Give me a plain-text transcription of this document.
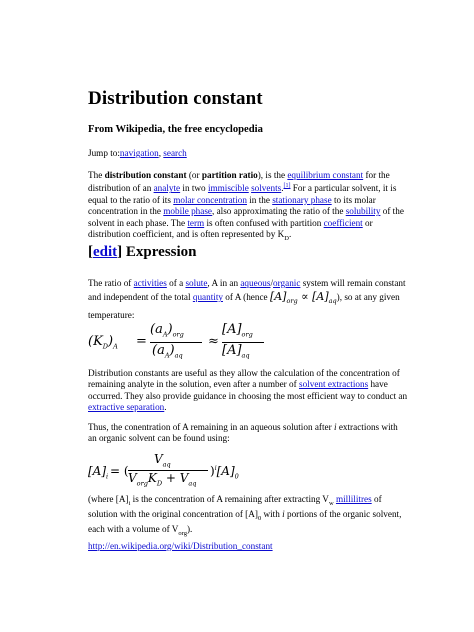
Distribution constant
From Wikipedia, the free encyclopedia
Jump to:navigation, search
The distribution constant (or partition ratio), is the equilibrium constant for the distribution of an analyte in two immiscible solvents.[1] For a particular solvent, it is equal to the ratio of its molar concentration in the stationary phase to its molar concentration in the mobile phase, also approximating the ratio of the solubility of the solvent in each phase. The term is often confused with partition coefficient or distribution coefficient, and is often represented by $K_D$.
[edit] Expression
The ratio of activities of a solute, A in an aqueous/organic system will remain constant and independent of the total quantity of A (hence $[A]_{org} \propto [A]_{aq}$), so at any given temperature:
$(K_D)_A$ =
$(a_A)_{org}$
$(a_A)_{aq}$
≈
$[A]_{org}$
$[A]_{aq}$
Distribution constants are useful as they allow the calculation of the concentration of remaining analyte in the solution, even after a number of solvent extractions have occurred. They also provide guidance in choosing the most efficient way to conduct an extractive separation.
Thus, the conentration of A remaining in an aqueous solution after i extractions with an organic solvent can be found using:
$[A]_i$ = (
$V_{aq}$
$V_{org}K_D + V_{aq}$
)$^i[A]_0$
(where $[A]_i$ is the concentration of A remaining after extracting $V_w$ millilitres of solution with the original concentration of $[A]_0$ with i portions of the organic solvent, each with a volume of $V_{org}$).
http://en.wikipedia.org/wiki/Distribution_constant
